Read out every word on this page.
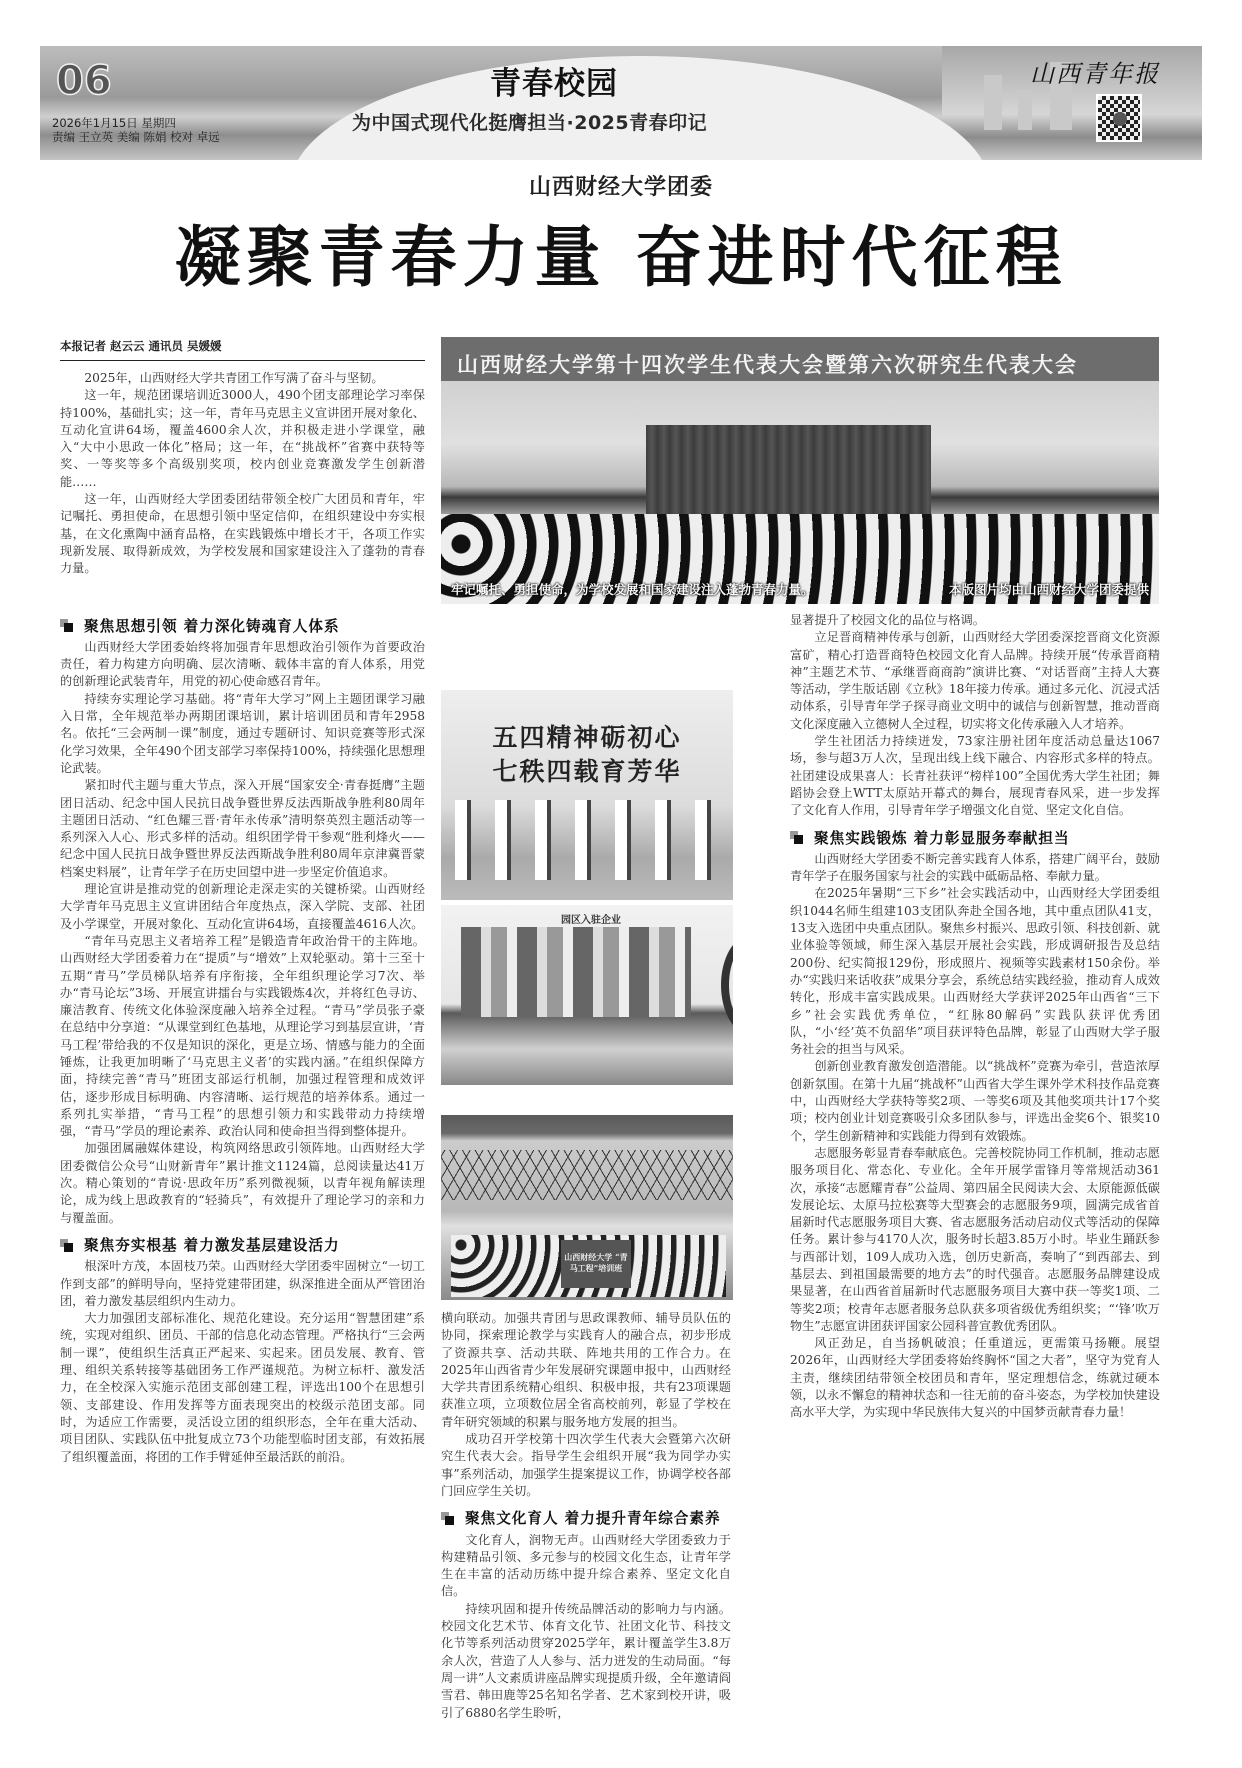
06
2026年1月15日 星期四
责编 王立英 美编 陈娟 校对 卓远
青春校园
为中国式现代化挺膺担当·2025青春印记
山西青年报
山西财经大学团委
凝聚青春力量 奋进时代征程
本报记者 赵云云 通讯员 吴媛媛

2025年，山西财经大学共青团工作写满了奋斗与坚韧。

这一年，规范团课培训近3000人，490个团支部理论学习率保持100%，基础扎实；这一年，青年马克思主义宣讲团开展对象化、互动化宣讲64场，覆盖4600余人次，并积极走进小学课堂，融入“大中小思政一体化”格局；这一年，在“挑战杯”省赛中获特等奖、一等奖等多个高级别奖项，校内创业竞赛激发学生创新潜能……

这一年，山西财经大学团委团结带领全校广大团员和青年，牢记嘱托、勇担使命，在思想引领中坚定信仰，在组织建设中夯实根基，在文化熏陶中涵育品格，在实践锻炼中增长才干，各项工作实现新发展、取得新成效，为学校发展和国家建设注入了蓬勃的青春力量。

聚焦思想引领 着力深化铸魂育人体系

山西财经大学团委始终将加强青年思想政治引领作为首要政治责任，着力构建方向明确、层次清晰、载体丰富的育人体系，用党的创新理论武装青年，用党的初心使命感召青年。

持续夯实理论学习基础。将“青年大学习”网上主题团课学习融入日常，全年规范举办两期团课培训，累计培训团员和青年2958名。依托“三会两制一课”制度，通过专题研讨、知识竞赛等形式深化学习效果，全年490个团支部学习率保持100%，持续强化思想理论武装。

紧扣时代主题与重大节点，深入开展“国家安全·青春挺膺”主题团日活动、纪念中国人民抗日战争暨世界反法西斯战争胜利80周年主题团日活动、“红色耀三晋·青年永传承”清明祭英烈主题活动等一系列深入人心、形式多样的活动。组织团学骨干参观“胜利烽火——纪念中国人民抗日战争暨世界反法西斯战争胜利80周年京津冀晋蒙档案史料展”，让青年学子在历史回望中进一步坚定价值追求。

理论宣讲是推动党的创新理论走深走实的关键桥梁。山西财经大学青年马克思主义宣讲团结合年度热点，深入学院、支部、社团及小学课堂，开展对象化、互动化宣讲64场，直接覆盖4616人次。

“青年马克思主义者培养工程”是锻造青年政治骨干的主阵地。山西财经大学团委着力在“提质”与“增效”上双轮驱动。第十三至十五期“青马”学员梯队培养有序衔接，全年组织理论学习7次、举办“青马论坛”3场、开展宣讲擂台与实践锻炼4次，并将红色寻访、廉洁教育、传统文化体验深度融入培养全过程。“青马”学员张子豪在总结中分享道：“从课堂到红色基地，从理论学习到基层宣讲，‘青马工程’带给我的不仅是知识的深化，更是立场、情感与能力的全面锤炼，让我更加明晰了‘马克思主义者’的实践内涵。”在组织保障方面，持续完善“青马”班团支部运行机制，加强过程管理和成效评估，逐步形成目标明确、内容清晰、运行规范的培养体系。通过一系列扎实举措，“青马工程”的思想引领力和实践带动力持续增强，“青马”学员的理论素养、政治认同和使命担当得到整体提升。

加强团属融媒体建设，构筑网络思政引领阵地。山西财经大学团委微信公众号“山财新青年”累计推文1124篇，总阅读量达41万次。精心策划的“青说·思政年历”系列微视频，以青年视角解读理论，成为线上思政教育的“轻骑兵”，有效提升了理论学习的亲和力与覆盖面。

聚焦夯实根基 着力激发基层建设活力

根深叶方茂，本固枝乃荣。山西财经大学团委牢固树立“一切工作到支部”的鲜明导向，坚持党建带团建，纵深推进全面从严管团治团，着力激发基层组织内生动力。

大力加强团支部标准化、规范化建设。充分运用“智慧团建”系统，实现对组织、团员、干部的信息化动态管理。严格执行“三会两制一课”，使组织生活真正严起来、实起来。团员发展、教育、管理、组织关系转接等基础团务工作严谨规范。为树立标杆、激发活力，在全校深入实施示范团支部创建工程，评选出100个在思想引领、支部建设、作用发挥等方面表现突出的校级示范团支部。同时，为适应工作需要，灵活设立团的组织形态，全年在重大活动、项目团队、实践队伍中批复成立73个功能型临时团支部，有效拓展了组织覆盖面，将团的工作手臂延伸至最活跃的前沿。

山西财经大学第十四次学生代表大会暨第六次研究生代表大会
牢记嘱托、勇担使命，为学校发展和国家建设注入蓬勃青春力量。	本版图片均由山西财经大学团委提供
五四精神砺初心
七秩四载育芳华
园区入驻企业
山西财经大学 “青马工程”培训班

横向联动。加强共青团与思政课教师、辅导员队伍的协同，探索理论教学与实践育人的融合点，初步形成了资源共享、活动共联、阵地共用的工作合力。在2025年山西省青少年发展研究课题申报中，山西财经大学共青团系统精心组织、积极申报，共有23项课题获准立项，立项数位居全省高校前列，彰显了学校在青年研究领域的积累与服务地方发展的担当。

成功召开学校第十四次学生代表大会暨第六次研究生代表大会。指导学生会组织开展“我为同学办实事”系列活动，加强学生提案提议工作，协调学校各部门回应学生关切。

聚焦文化育人 着力提升青年综合素养

文化育人，润物无声。山西财经大学团委致力于构建精品引领、多元参与的校园文化生态，让青年学生在丰富的活动历练中提升综合素养、坚定文化自信。

持续巩固和提升传统品牌活动的影响力与内涵。校园文化艺术节、体育文化节、社团文化节、科技文化节等系列活动贯穿2025学年，累计覆盖学生3.8万余人次，营造了人人参与、活力迸发的生动局面。“每周一讲”人文素质讲座品牌实现提质升级，全年邀请阎雪君、韩田鹿等25名知名学者、艺术家到校开讲，吸引了6880名学生聆听，

显著提升了校园文化的品位与格调。

立足晋商精神传承与创新，山西财经大学团委深挖晋商文化资源富矿，精心打造晋商特色校园文化育人品牌。持续开展“传承晋商精神”主题艺术节、“承继晋商商韵”演讲比赛、“对话晋商”主持人大赛等活动，学生版话剧《立秋》18年接力传承。通过多元化、沉浸式活动体系，引导青年学子探寻商业文明中的诚信与创新智慧，推动晋商文化深度融入立德树人全过程，切实将文化传承融入人才培养。

学生社团活力持续迸发，73家注册社团年度活动总量达1067场，参与超3万人次，呈现出线上线下融合、内容形式多样的特点。社团建设成果喜人：长青社获评“榜样100”全国优秀大学生社团；舞蹈协会登上WTT太原站开幕式的舞台，展现青春风采，进一步发挥了文化育人作用，引导青年学子增强文化自觉、坚定文化自信。

聚焦实践锻炼 着力彰显服务奉献担当

山西财经大学团委不断完善实践育人体系，搭建广阔平台，鼓励青年学子在服务国家与社会的实践中砥砺品格、奉献力量。

在2025年暑期“三下乡”社会实践活动中，山西财经大学团委组织1044名师生组建103支团队奔赴全国各地，其中重点团队41支，13支入选团中央重点团队。聚焦乡村振兴、思政引领、科技创新、就业体验等领域，师生深入基层开展社会实践，形成调研报告及总结200份、纪实简报129份，形成照片、视频等实践素材150余份。举办“实践归来话收获”成果分享会，系统总结实践经验，推动育人成效转化，形成丰富实践成果。山西财经大学获评2025年山西省“三下乡”社会实践优秀单位，“红脉80解码”实践队获评优秀团队，“小‘经’英不负韶华”项目获评特色品牌，彰显了山西财大学子服务社会的担当与风采。

创新创业教育激发创造潜能。以“挑战杯”竞赛为牵引，营造浓厚创新氛围。在第十九届“挑战杯”山西省大学生课外学术科技作品竞赛中，山西财经大学获特等奖2项、一等奖6项及其他奖项共计17个奖项；校内创业计划竞赛吸引众多团队参与，评选出金奖6个、银奖10个，学生创新精神和实践能力得到有效锻炼。

志愿服务彰显青春奉献底色。完善校院协同工作机制，推动志愿服务项目化、常态化、专业化。全年开展学雷锋月等常规活动361次，承接“志愿耀青春”公益周、第四届全民阅读大会、太原能源低碳发展论坛、太原马拉松赛等大型赛会的志愿服务9项，圆满完成省首届新时代志愿服务项目大赛、省志愿服务活动启动仪式等活动的保障任务。累计参与4170人次，服务时长超3.85万小时。毕业生踊跃参与西部计划，109人成功入选，创历史新高，奏响了“到西部去、到基层去、到祖国最需要的地方去”的时代强音。志愿服务品牌建设成果显著，在山西省首届新时代志愿服务项目大赛中获一等奖1项、二等奖2项；校青年志愿者服务总队获多项省级优秀组织奖；“‘锋’吹万物生”志愿宣讲团获评国家公园科普宣教优秀团队。

风正劲足，自当扬帆破浪；任重道远，更需策马扬鞭。展望2026年，山西财经大学团委将始终胸怀“国之大者”，坚守为党育人主责，继续团结带领全校团员和青年，坚定理想信念，练就过硬本领，以永不懈怠的精神状态和一往无前的奋斗姿态，为学校加快建设高水平大学，为实现中华民族伟大复兴的中国梦贡献青春力量！
